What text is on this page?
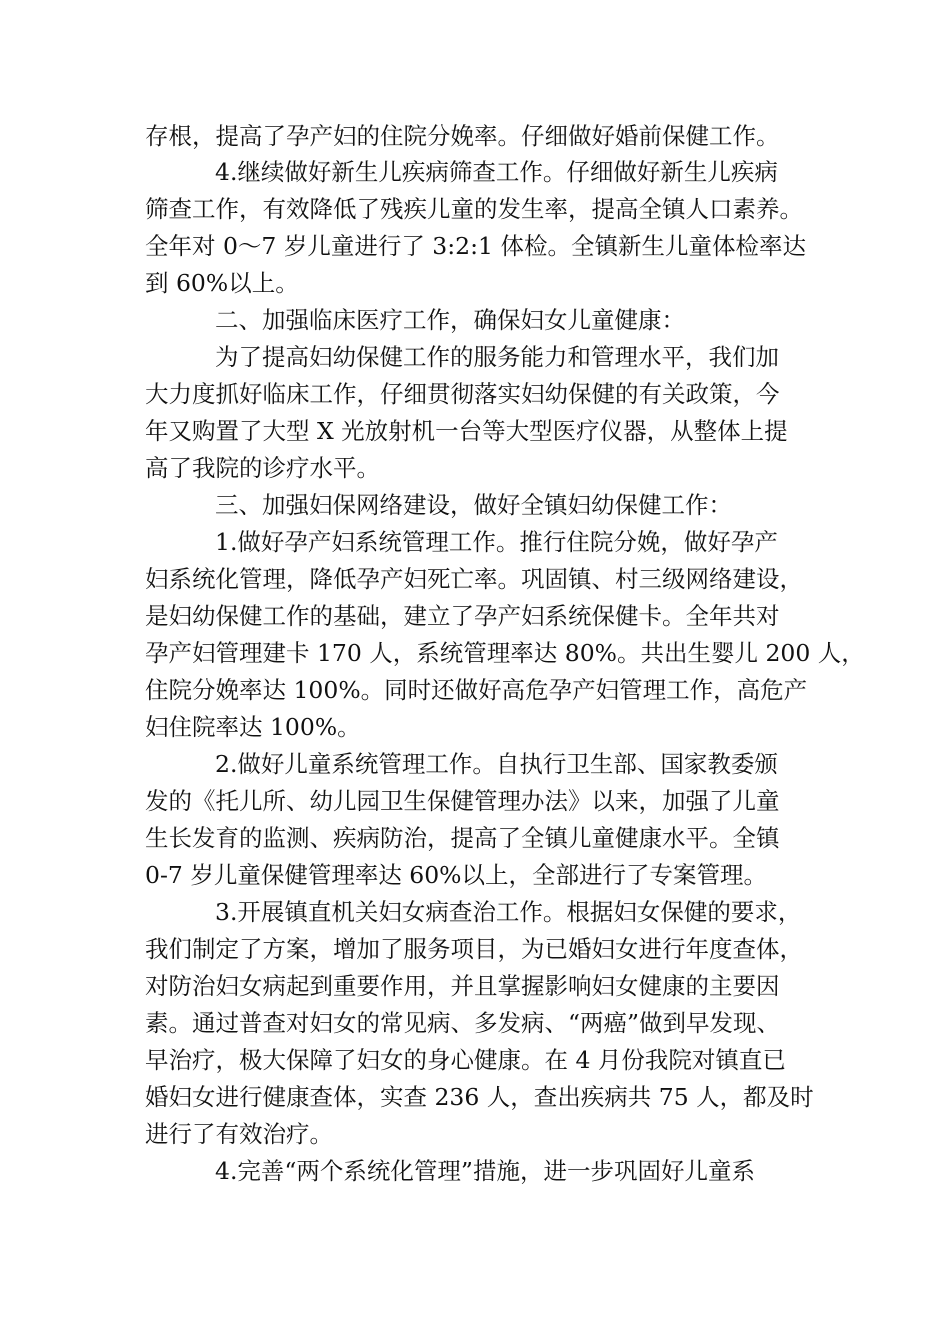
存根，提高了孕产妇的住院分娩率。仔细做好婚前保健工作。
4.继续做好新生儿疾病筛查工作。仔细做好新生儿疾病
筛查工作，有效降低了残疾儿童的发生率，提高全镇人口素养。
全年对 0～7 岁儿童进行了 3:2:1 体检。全镇新生儿童体检率达
到 60%以上。
二、加强临床医疗工作，确保妇女儿童健康：
为了提高妇幼保健工作的服务能力和管理水平，我们加
大力度抓好临床工作，仔细贯彻落实妇幼保健的有关政策，今
年又购置了大型 X 光放射机一台等大型医疗仪器，从整体上提
高了我院的诊疗水平。
三、加强妇保网络建设，做好全镇妇幼保健工作：
1.做好孕产妇系统管理工作。推行住院分娩，做好孕产
妇系统化管理，降低孕产妇死亡率。巩固镇、村三级网络建设，
是妇幼保健工作的基础，建立了孕产妇系统保健卡。全年共对
孕产妇管理建卡 170 人，系统管理率达 80%。共出生婴儿 200 人，
住院分娩率达 100%。同时还做好高危孕产妇管理工作，高危产
妇住院率达 100%。
2.做好儿童系统管理工作。自执行卫生部、国家教委颁
发的《托儿所、幼儿园卫生保健管理办法》以来，加强了儿童
生长发育的监测、疾病防治，提高了全镇儿童健康水平。全镇
0-7 岁儿童保健管理率达 60%以上，全部进行了专案管理。
3.开展镇直机关妇女病查治工作。根据妇女保健的要求，
我们制定了方案，增加了服务项目，为已婚妇女进行年度查体，
对防治妇女病起到重要作用，并且掌握影响妇女健康的主要因
素。通过普查对妇女的常见病、多发病、“两癌”做到早发现、
早治疗，极大保障了妇女的身心健康。在 4 月份我院对镇直已
婚妇女进行健康查体，实查 236 人，查出疾病共 75 人，都及时
进行了有效治疗。
4.完善“两个系统化管理”措施，进一步巩固好儿童系
